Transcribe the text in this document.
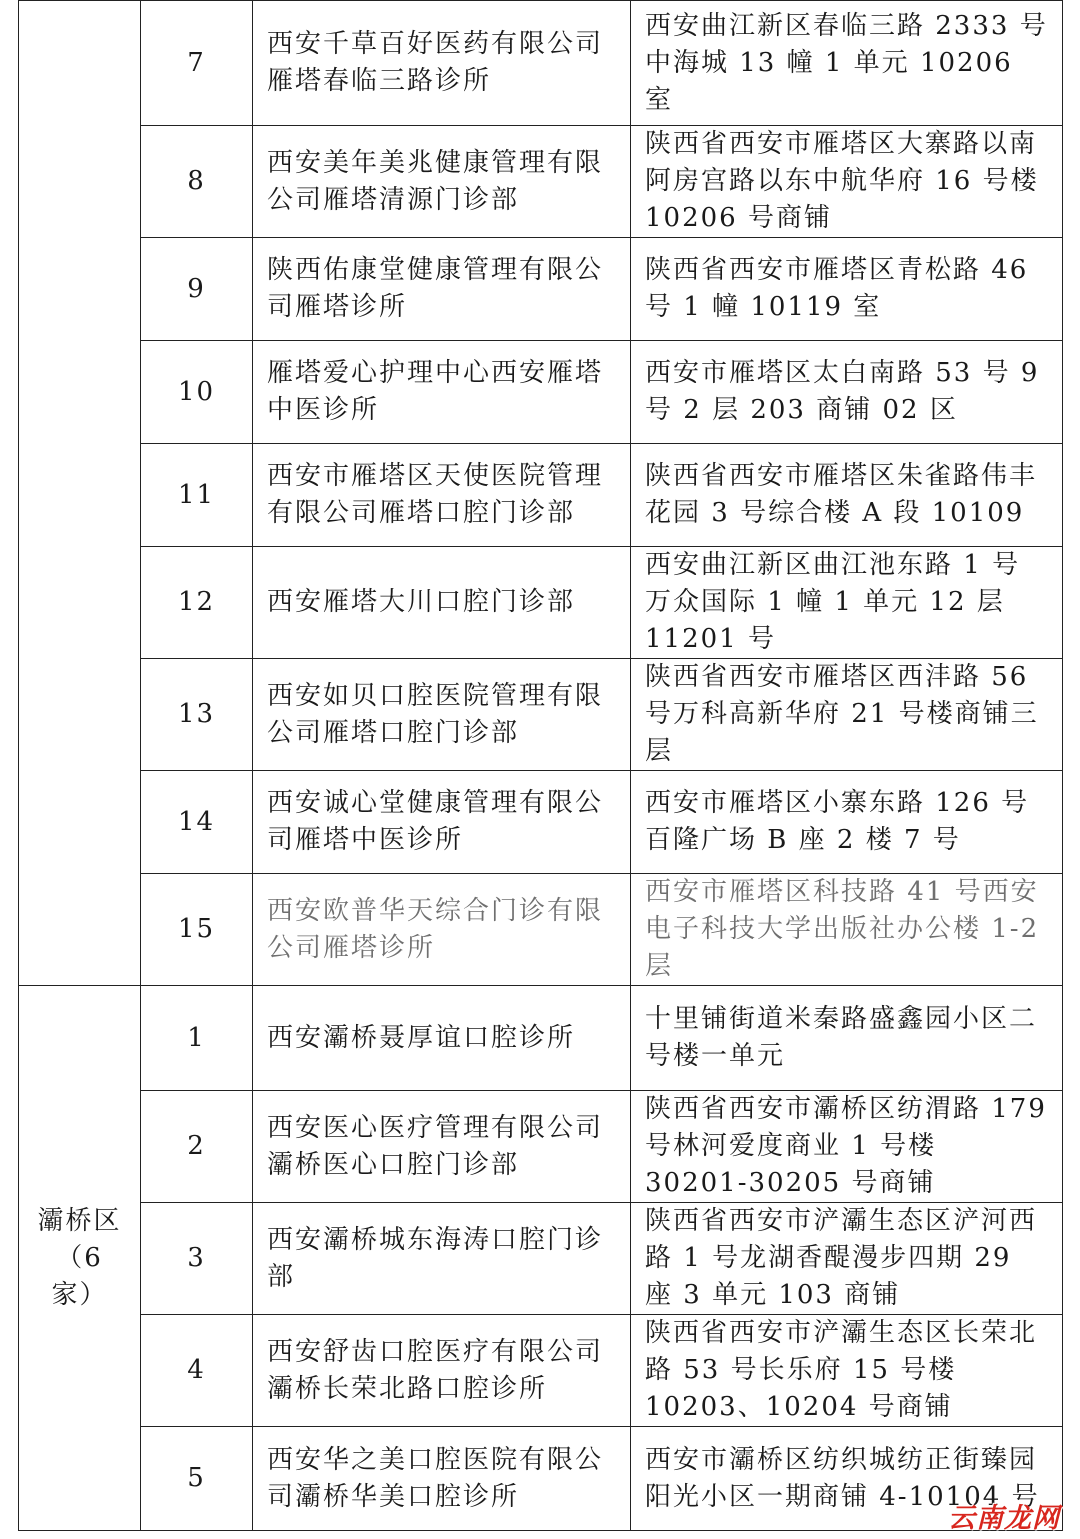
	7	西安千草百好医药有限公司雁塔春临三路诊所	西安曲江新区春临三路 2333 号中海城 13 幢 1 单元 10206 室
	8	西安美年美兆健康管理有限公司雁塔清源门诊部	陕西省西安市雁塔区大寨路以南阿房宫路以东中航华府 16 号楼 10206 号商铺
	9	陕西佑康堂健康管理有限公司雁塔诊所	陕西省西安市雁塔区青松路 46 号 1 幢 10119 室
	10	雁塔爱心护理中心西安雁塔中医诊所	西安市雁塔区太白南路 53 号 9 号 2 层 203 商铺 02 区
	11	西安市雁塔区天使医院管理有限公司雁塔口腔门诊部	陕西省西安市雁塔区朱雀路伟丰花园 3 号综合楼 A 段 10109
	12	西安雁塔大川口腔门诊部	西安曲江新区曲江池东路 1 号万众国际 1 幢 1 单元 12 层 11201 号
	13	西安如贝口腔医院管理有限公司雁塔口腔门诊部	陕西省西安市雁塔区西沣路 56 号万科高新华府 21 号楼商铺三层
	14	西安诚心堂健康管理有限公司雁塔中医诊所	西安市雁塔区小寨东路 126 号百隆广场 B 座 2 楼 7 号
	15	西安欧普华天综合门诊有限公司雁塔诊所	西安市雁塔区科技路 41 号西安电子科技大学出版社办公楼 1-2 层

灞桥区
（6 家）	1	西安灞桥聂厚谊口腔诊所	十里铺街道米秦路盛鑫园小区二号楼一单元
	2	西安医心医疗管理有限公司灞桥医心口腔门诊部	陕西省西安市灞桥区纺渭路 179 号林河爱度商业 1 号楼 30201-30205 号商铺
	3	西安灞桥城东海涛口腔门诊部	陕西省西安市浐灞生态区浐河西路 1 号龙湖香醍漫步四期 29 座 3 单元 103 商铺
	4	西安舒齿口腔医疗有限公司灞桥长荣北路口腔诊所	陕西省西安市浐灞生态区长荣北路 53 号长乐府 15 号楼 10203、10204 号商铺
	5	西安华之美口腔医院有限公司灞桥华美口腔诊所	西安市灞桥区纺织城纺正街臻园阳光小区一期商铺 4-10104 号
云南龙网
